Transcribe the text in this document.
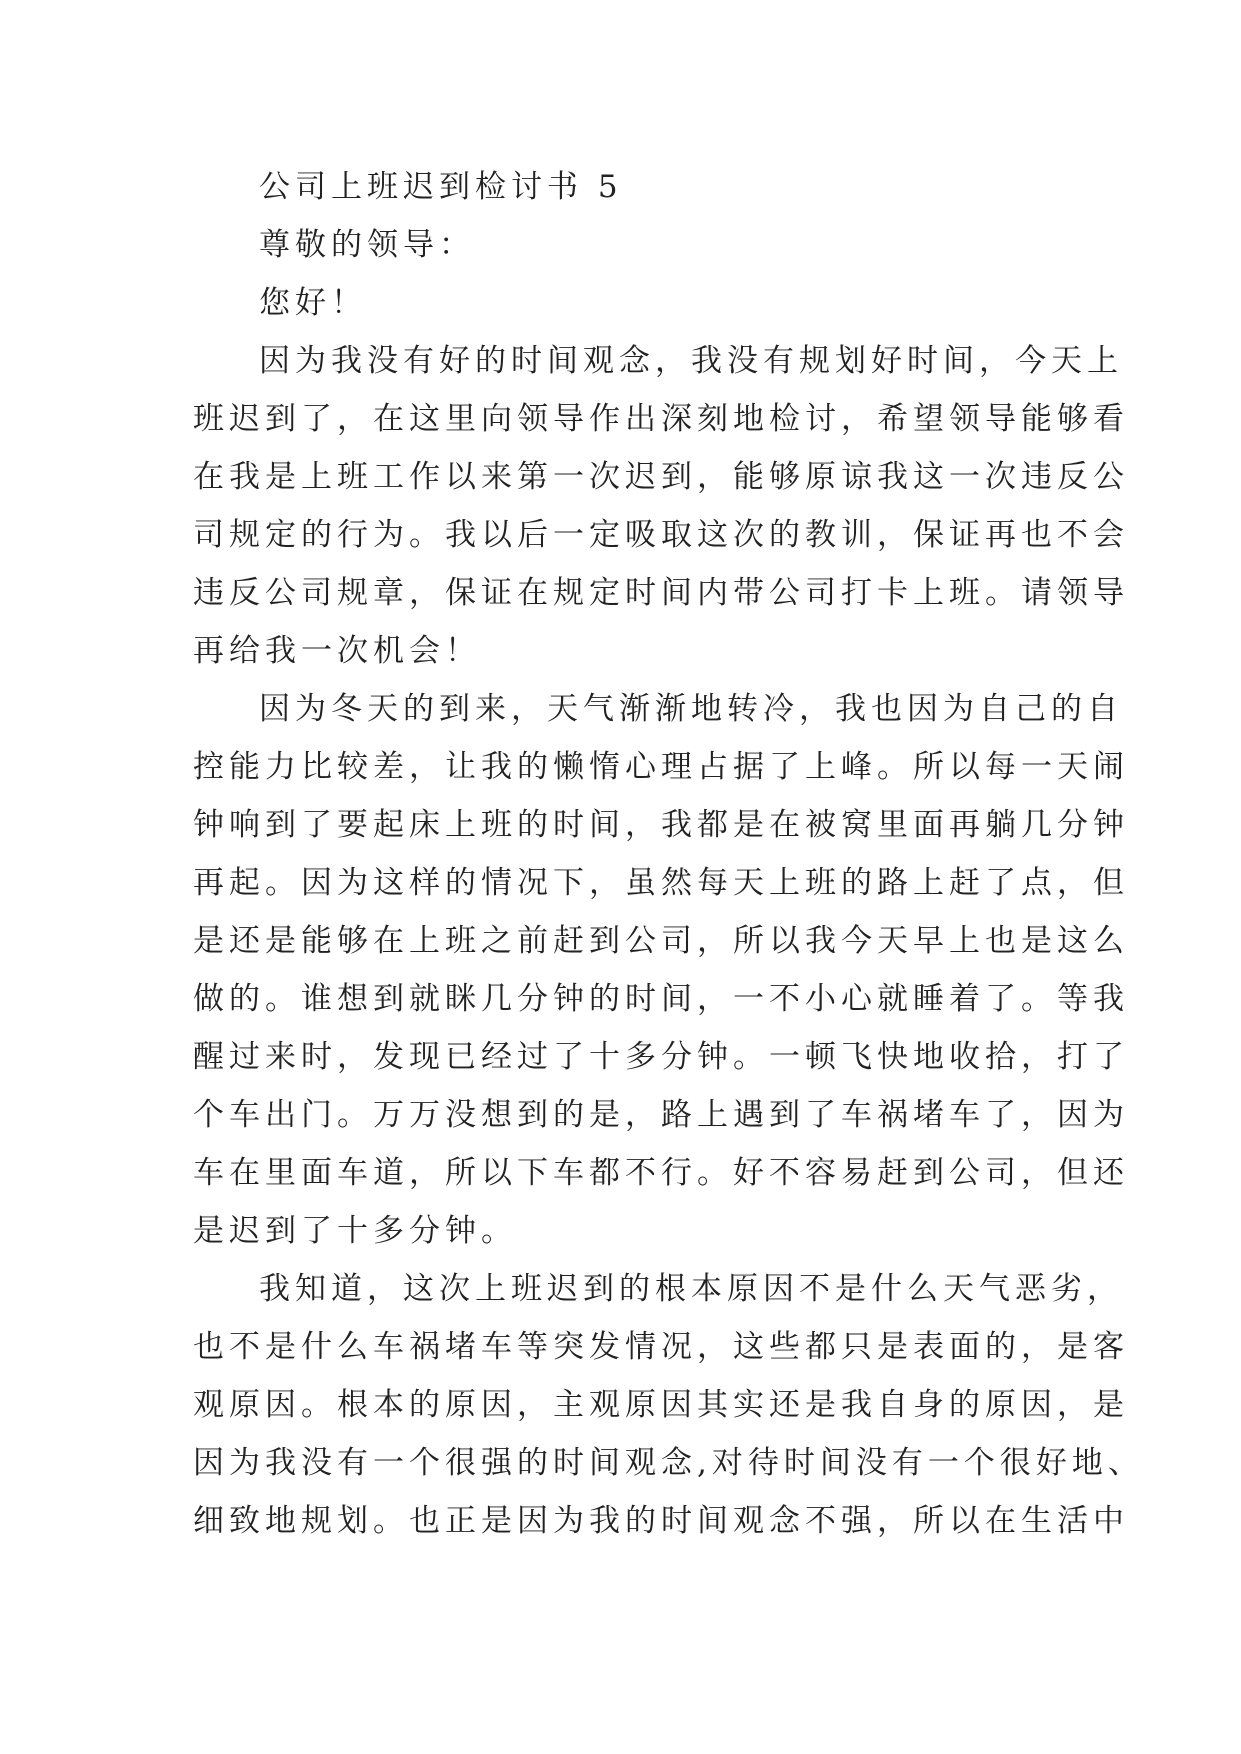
公司上班迟到检讨书 5
尊敬的领导：
您好！
因为我没有好的时间观念，我没有规划好时间，今天上
班迟到了，在这里向领导作出深刻地检讨，希望领导能够看
在我是上班工作以来第一次迟到，能够原谅我这一次违反公
司规定的行为。我以后一定吸取这次的教训，保证再也不会
违反公司规章，保证在规定时间内带公司打卡上班。请领导
再给我一次机会！
因为冬天的到来，天气渐渐地转冷，我也因为自己的自
控能力比较差，让我的懒惰心理占据了上峰。所以每一天闹
钟响到了要起床上班的时间，我都是在被窝里面再躺几分钟
再起。因为这样的情况下，虽然每天上班的路上赶了点，但
是还是能够在上班之前赶到公司，所以我今天早上也是这么
做的。谁想到就眯几分钟的时间，一不小心就睡着了。等我
醒过来时，发现已经过了十多分钟。一顿飞快地收拾，打了
个车出门。万万没想到的是，路上遇到了车祸堵车了，因为
车在里面车道，所以下车都不行。好不容易赶到公司，但还
是迟到了十多分钟。
我知道，这次上班迟到的根本原因不是什么天气恶劣，
也不是什么车祸堵车等突发情况，这些都只是表面的，是客
观原因。根本的原因，主观原因其实还是我自身的原因，是
因为我没有一个很强的时间观念,对待时间没有一个很好地、
细致地规划。也正是因为我的时间观念不强，所以在生活中
